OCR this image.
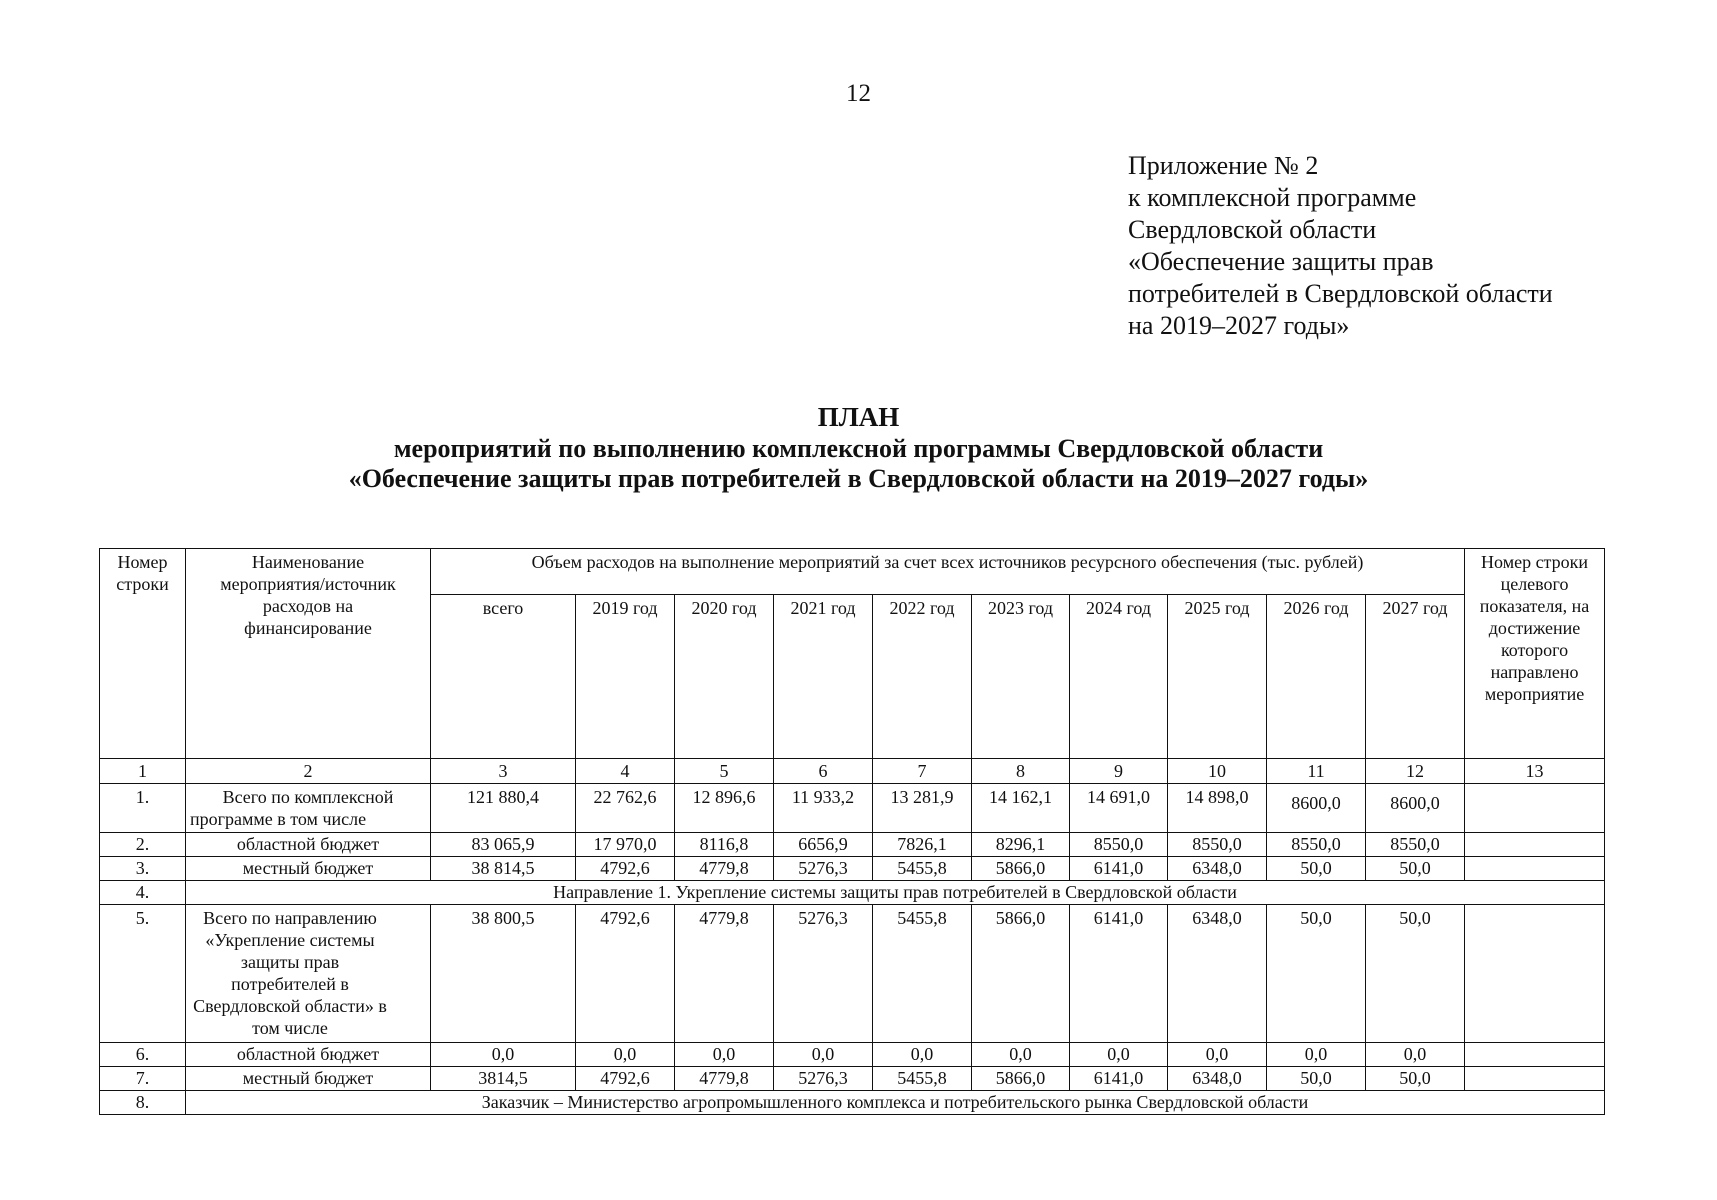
12
Приложение № 2
к комплексной программе
Свердловской области
«Обеспечение защиты прав
потребителей в Свердловской области
на 2019–2027 годы»
ПЛАН
мероприятий по выполнению комплексной программы Свердловской области
«Обеспечение защиты прав потребителей в Свердловской области на 2019–2027 годы»
Номер строки	Наименование мероприятия/источник расходов на финансирование	Объем расходов на выполнение мероприятий за счет всех источников ресурсного обеспечения (тыс. рублей)										Номер строки целевого показателя, на достижение которого направлено мероприятие
		всего	2019 год	2020 год	2021 год	2022 год	2023 год	2024 год	2025 год	2026 год	2027 год	
1	2	3	4	5	6	7	8	9	10	11	12	13
1.	Всего по комплексной программе в том числе	121 880,4	22 762,6	12 896,6	11 933,2	13 281,9	14 162,1	14 691,0	14 898,0	8600,0	8600,0	
2.	областной бюджет	83 065,9	17 970,0	8116,8	6656,9	7826,1	8296,1	8550,0	8550,0	8550,0	8550,0	
3.	местный бюджет	38 814,5	4792,6	4779,8	5276,3	5455,8	5866,0	6141,0	6348,0	50,0	50,0	
4.	Направление 1. Укрепление системы защиты прав потребителей в Свердловской области											
5.	Всего по направлению «Укрепление системы защиты прав потребителей в Свердловской области» в том числе	38 800,5	4792,6	4779,8	5276,3	5455,8	5866,0	6141,0	6348,0	50,0	50,0	
6.	областной бюджет	0,0	0,0	0,0	0,0	0,0	0,0	0,0	0,0	0,0	0,0	
7.	местный бюджет	3814,5	4792,6	4779,8	5276,3	5455,8	5866,0	6141,0	6348,0	50,0	50,0	
8.	Заказчик – Министерство агропромышленного комплекса и потребительского рынка Свердловской области											
